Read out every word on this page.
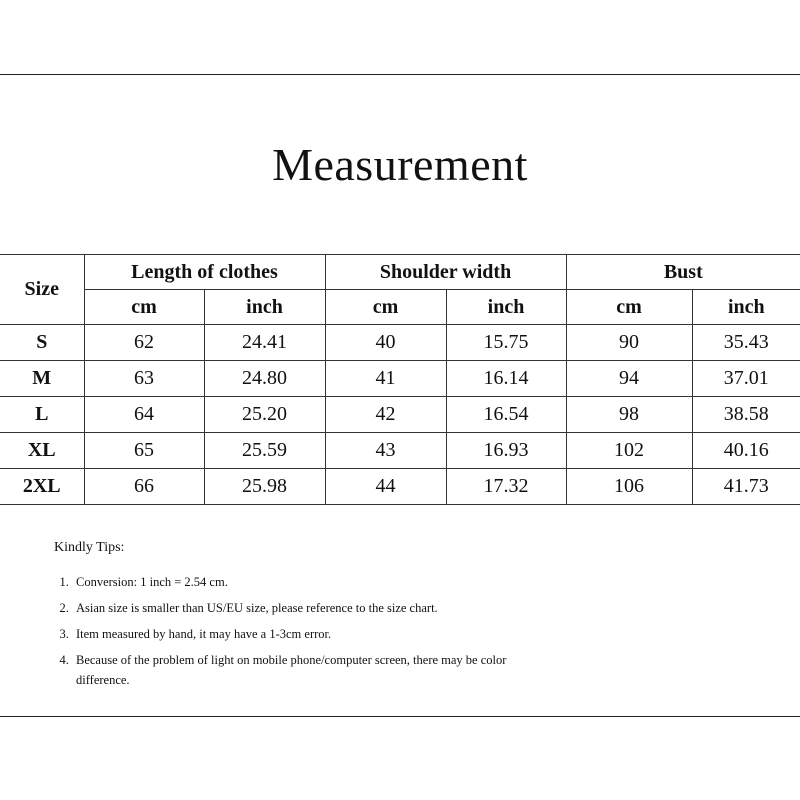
Measurement
Size	Length of clothes		Shoulder width		Bust	
	cm	inch	cm	inch	cm	inch
S	62	24.41	40	15.75	90	35.43
M	63	24.80	41	16.14	94	37.01
L	64	25.20	42	16.54	98	38.58
XL	65	25.59	43	16.93	102	40.16
2XL	66	25.98	44	17.32	106	41.73
Kindly Tips:
1. Conversion: 1 inch = 2.54 cm.
2. Asian size is smaller than US/EU size, please reference to the size chart.
3. Item measured by hand, it may have a 1-3cm error.
4. Because of the problem of light on mobile phone/computer screen, there may be color difference.
